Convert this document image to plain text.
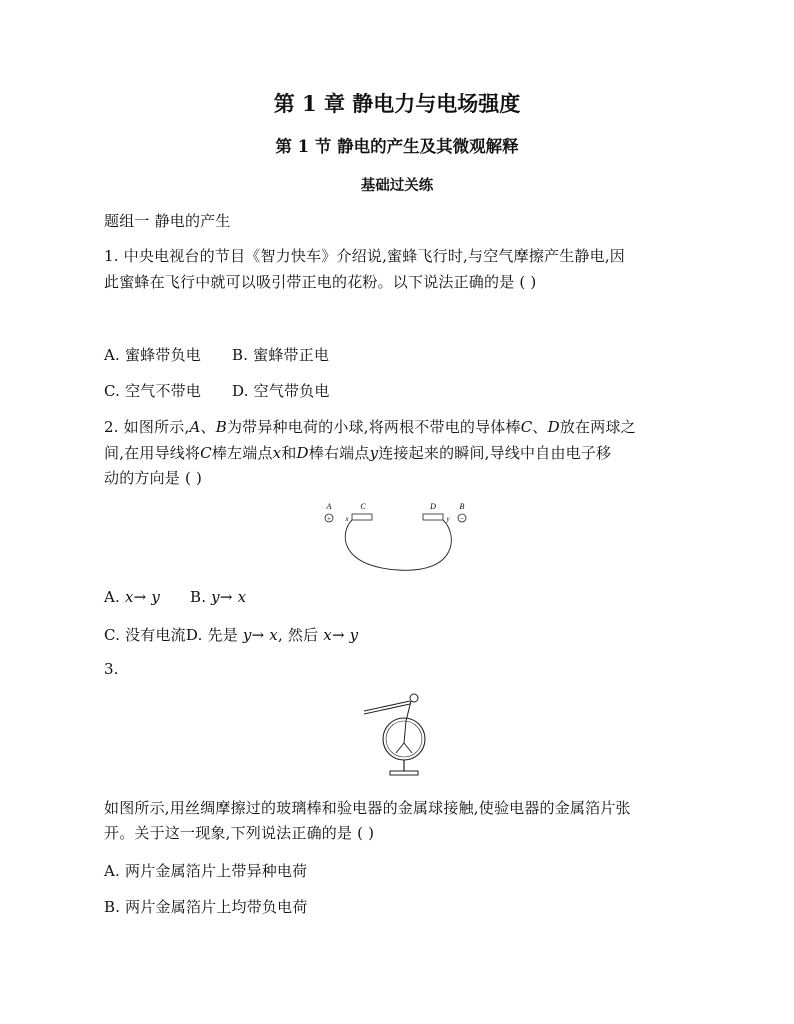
第 1 章 静电力与电场强度
第 1 节 静电的产生及其微观解释
基础过关练
题组一 静电的产生
1. 中央电视台的节目《智力快车》介绍说,蜜蜂飞行时,与空气摩擦产生静电,因
此蜜蜂在飞行中就可以吸引带正电的花粉。以下说法正确的是 ( )
A. 蜜蜂带负电 B. 蜜蜂带正电
C. 空气不带电 D. 空气带负电
2. 如图所示,A、B为带异种电荷的小球,将两根不带电的导体棒C、D放在两球之
间,在用导线将C棒左端点x和D棒右端点y连接起来的瞬间,导线中自由电子移
动的方向是 ( )
A
+
C
x
D
y
B
−
A. x→ y B. y→ x
C. 没有电流D. 先是 y→ x, 然后 x→ y
3.
如图所示,用丝绸摩擦过的玻璃棒和验电器的金属球接触,使验电器的金属箔片张
开。关于这一现象,下列说法正确的是 ( )
A. 两片金属箔片上带异种电荷
B. 两片金属箔片上均带负电荷
